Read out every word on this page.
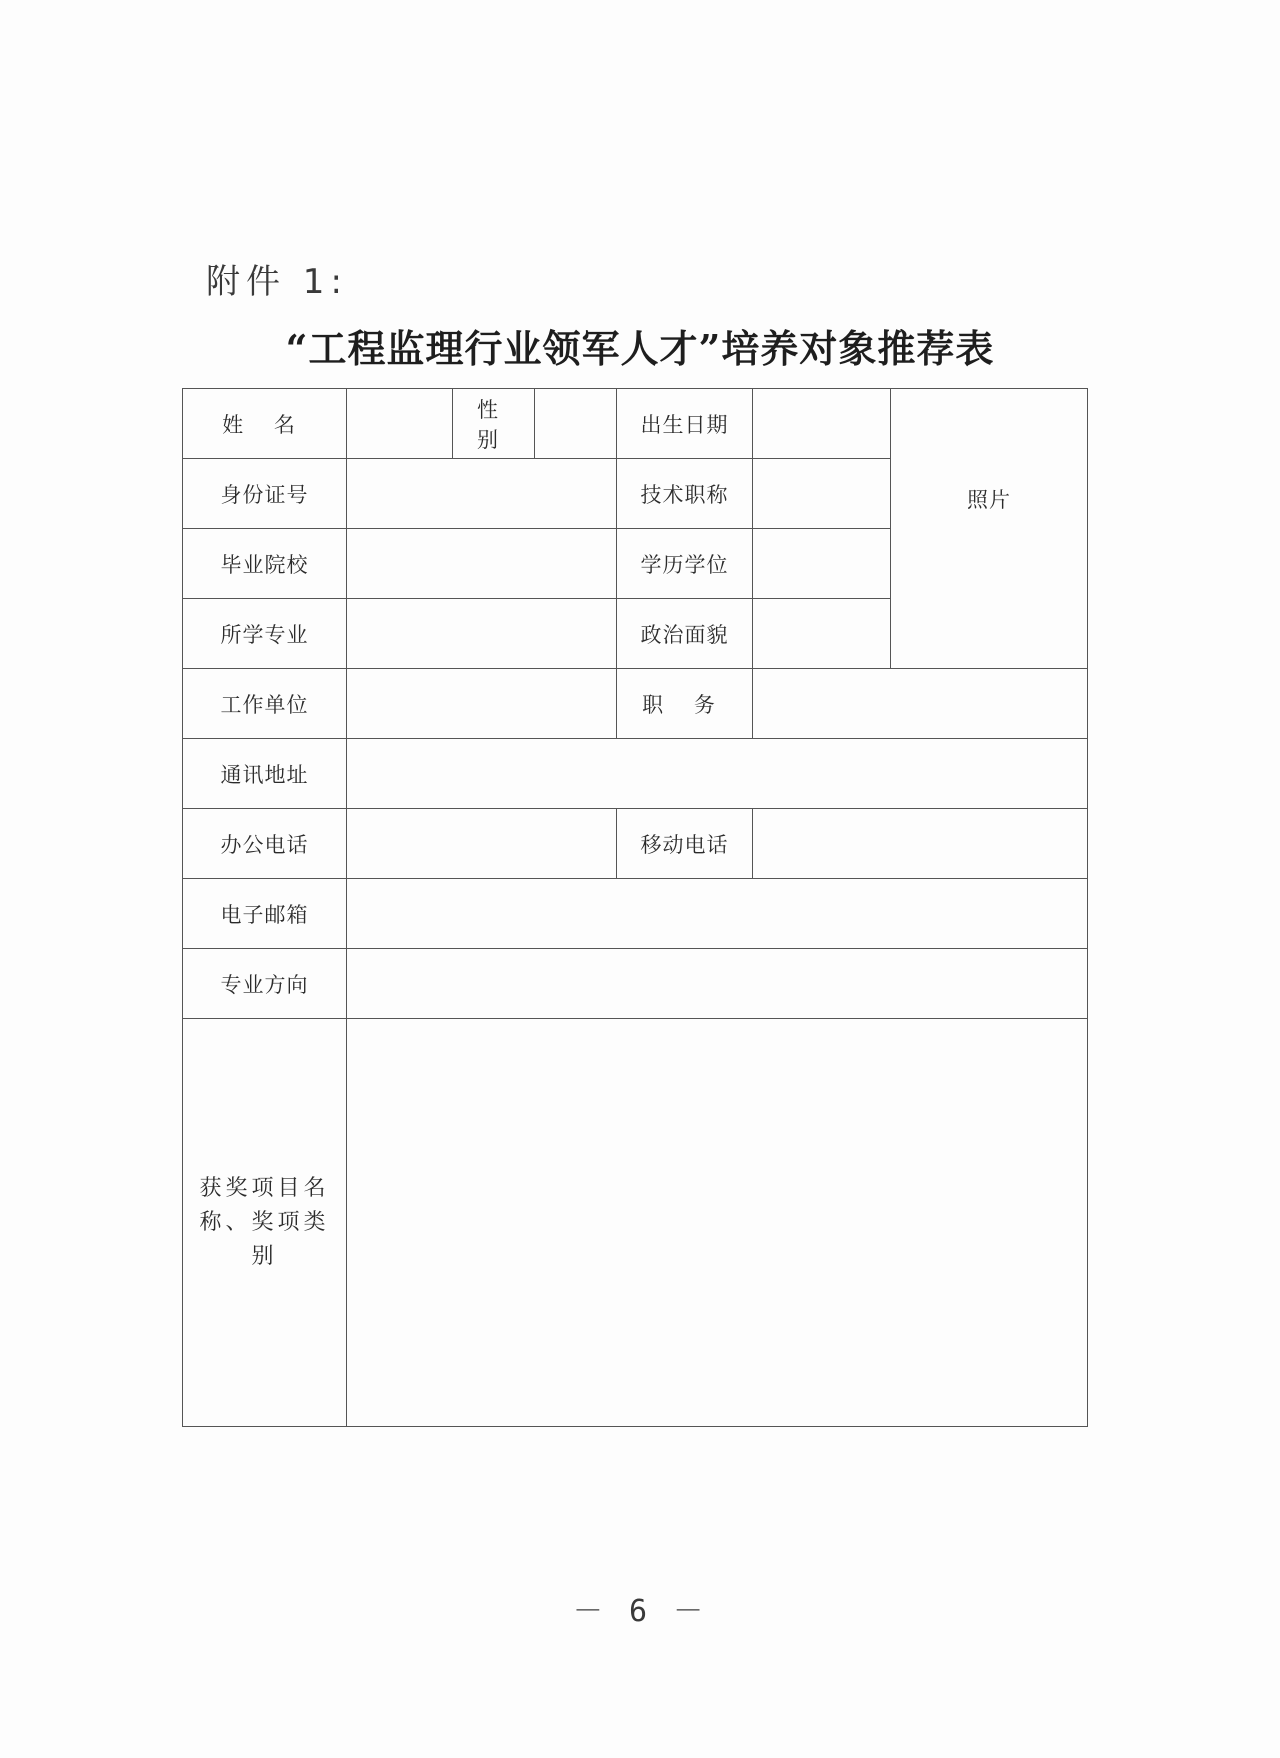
附件 1:
“工程监理行业领军人才”培养对象推荐表
姓 名		性 别		出生日期		照片
身份证号				技术职称		
毕业院校				学历学位		
所学专业				政治面貌		
工作单位				职 务		
通讯地址						
办公电话				移动电话		
电子邮箱						
专业方向						
获奖项目名称、奖项类别						
－ 6 －
